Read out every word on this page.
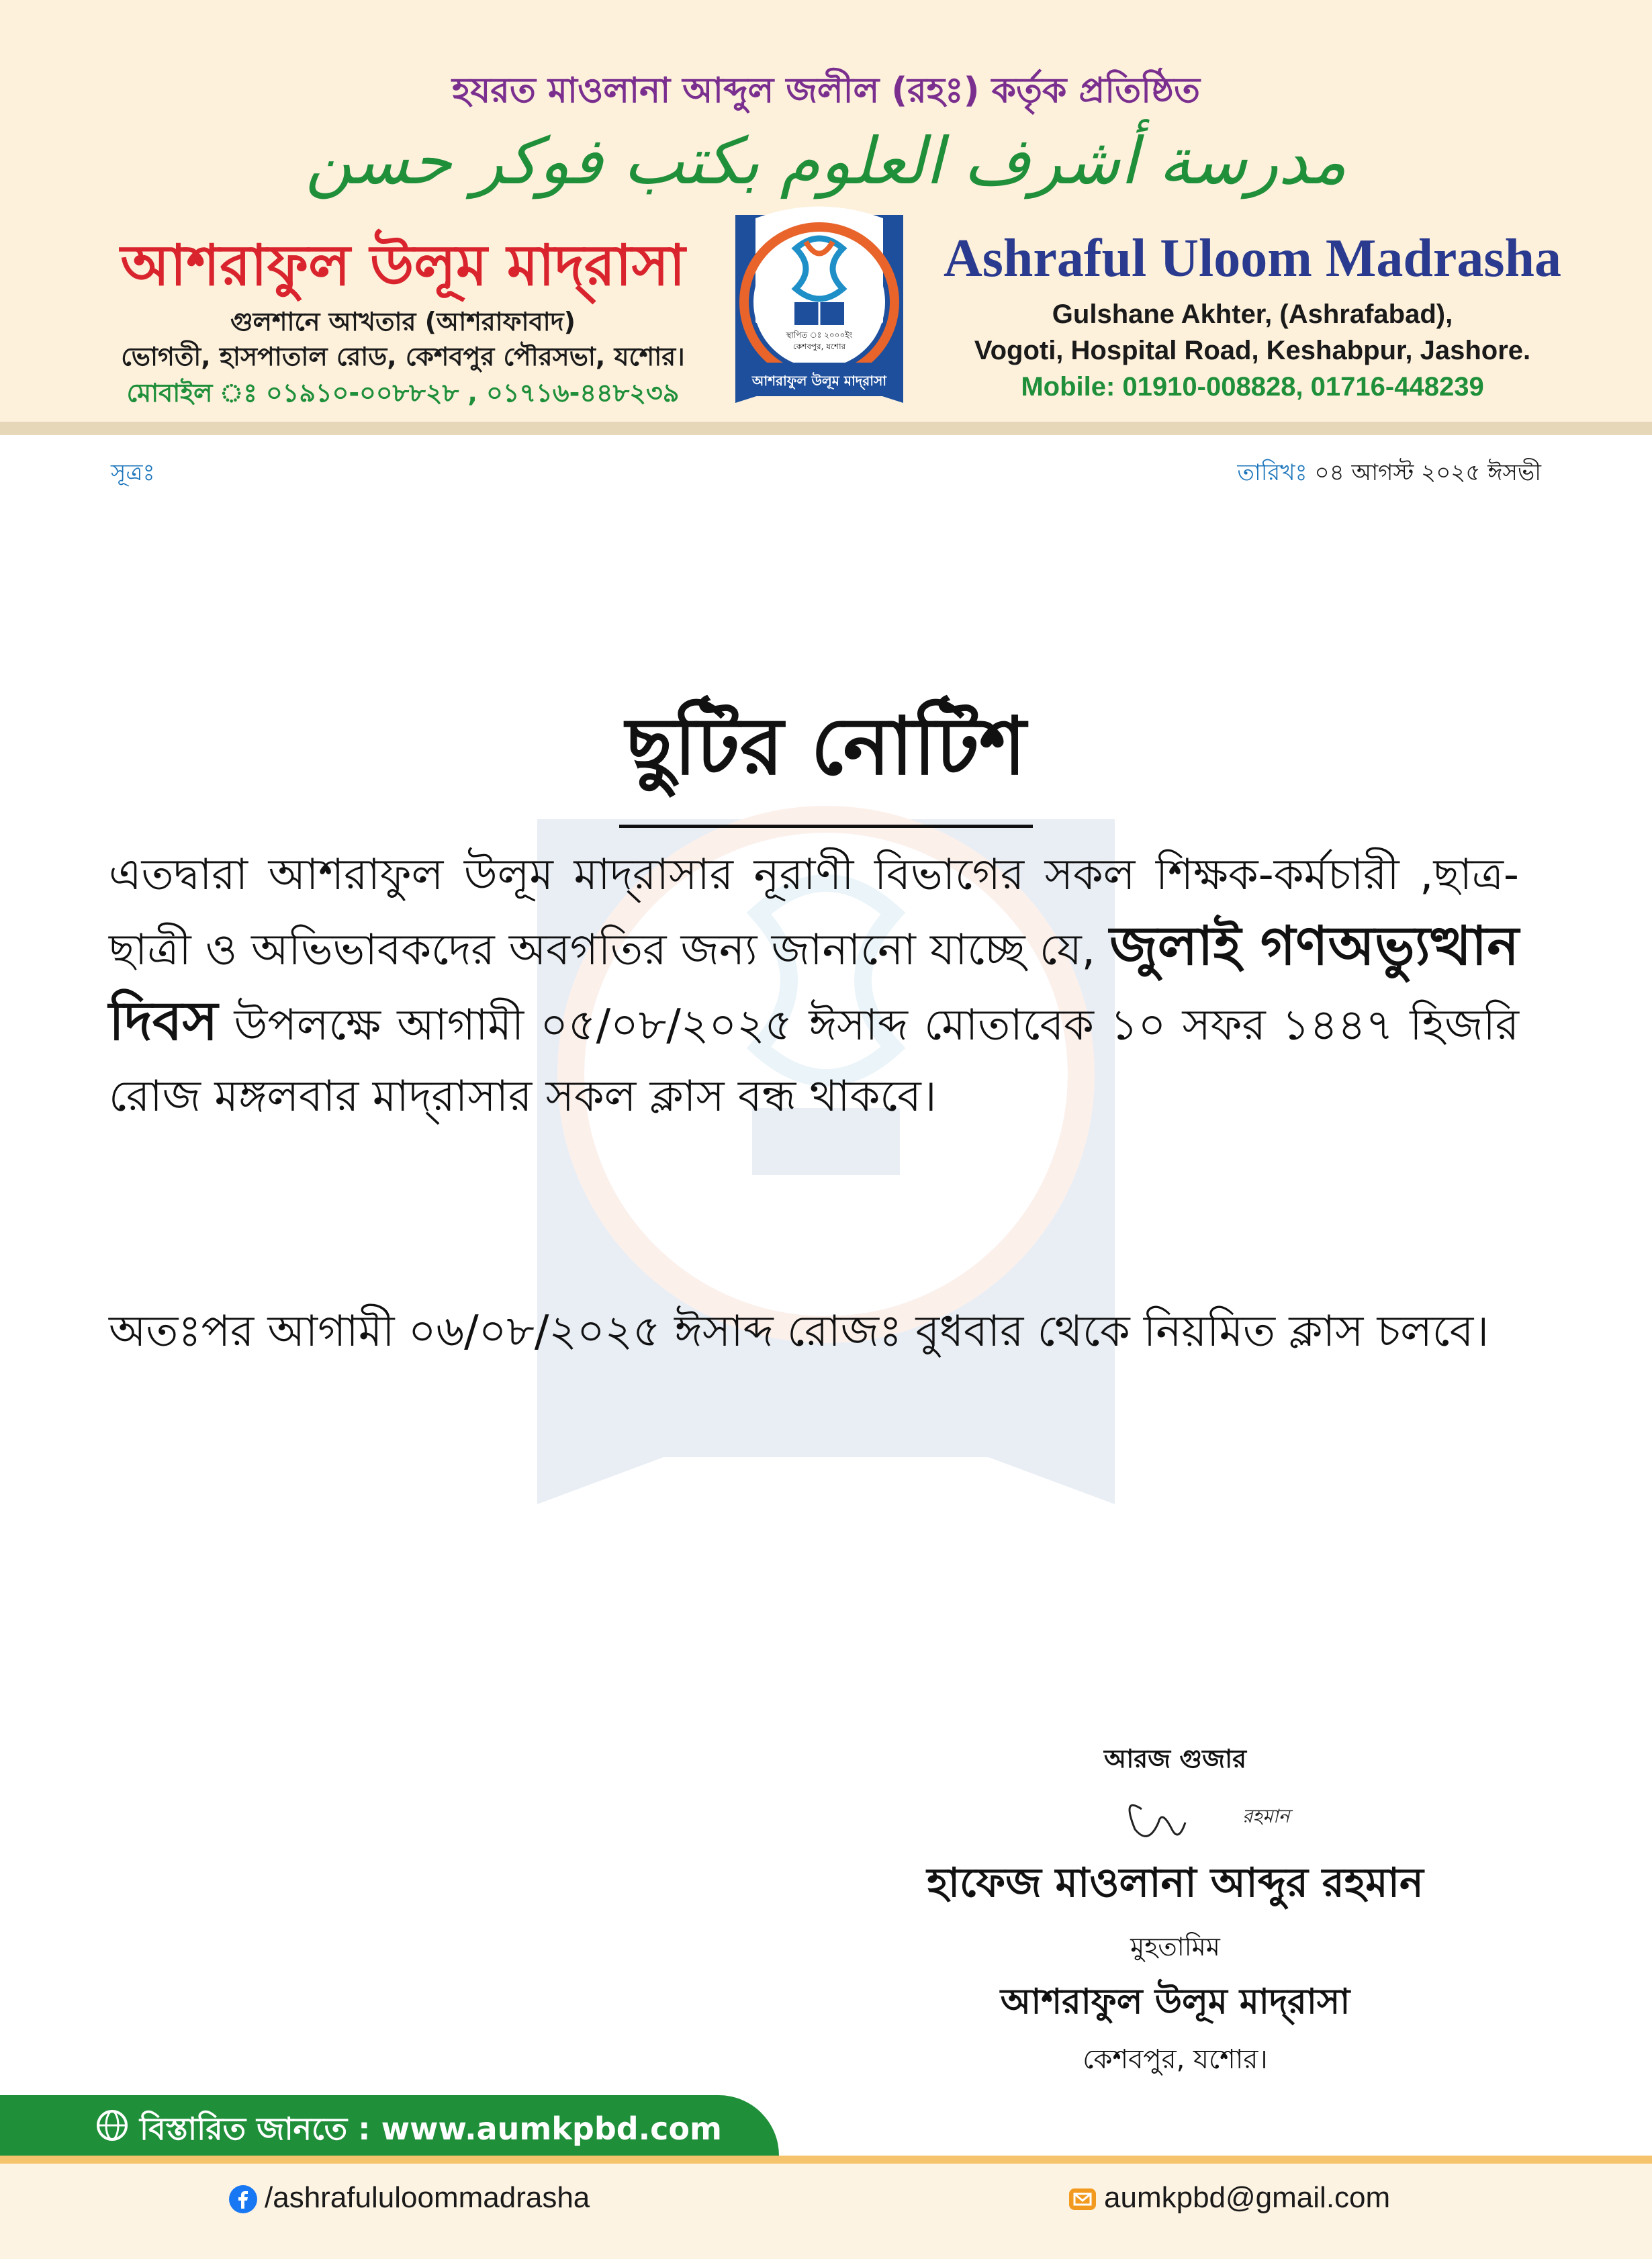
হযরত মাওলানা আব্দুল জলীল (রহঃ) কর্তৃক প্রতিষ্ঠিত
مدرسة أشرف العلوم بكتب فوكر حسن
আশরাফুল উলূম মাদ্‌রাসা
গুলশানে আখতার (আশরাফাবাদ)
ভোগতী, হাসপাতাল রোড, কেশবপুর পৌরসভা, যশোর।
মোবাইল ঃ ০১৯১০-০০৮৮২৮ , ০১৭১৬-৪৪৮২৩৯
Ashraful Uloom Madrasha
Gulshane Akhter, (Ashrafabad),
Vogoti, Hospital Road, Keshabpur, Jashore.
Mobile: 01910-008828, 01716-448239
স্থাপিত ঃ ২০০০ইং
কেশবপুর, যশোর
আশরাফুল উলূম মাদ্‌রাসা
সূত্রঃ	তারিখঃ ০৪ আগস্ট ২০২৫ ঈসভী
ছুটির নোটিশ
এতদ্বারা আশরাফুল উলূম মাদ্‌রাসার নূরাণী বিভাগের সকল শিক্ষক-কর্মচারী ,ছাত্র-ছাত্রী ও অভিভাবকদের অবগতির জন্য জানানো যাচ্ছে যে, জুলাই গণঅভ্যুত্থান দিবস উপলক্ষে আগামী ০৫/০৮/২০২৫ ঈসাব্দ মোতাবেক ১০ সফর ১৪৪৭ হিজরি রোজ মঙ্গলবার মাদ্‌রাসার সকল ক্লাস বন্ধ থাকবে।
অতঃপর আগামী ০৬/০৮/২০২৫ ঈসাব্দ রোজঃ বুধবার থেকে নিয়মিত ক্লাস চলবে।
আরজ গুজার
রহমান
হাফেজ মাওলানা আব্দুর রহমান
মুহতামিম
আশরাফুল উলূম মাদ্‌রাসা
কেশবপুর, যশোর।
বিস্তারিত জানতে : www.aumkpbd.com
/ashrafululoommadrasha	aumkpbd@gmail.com
